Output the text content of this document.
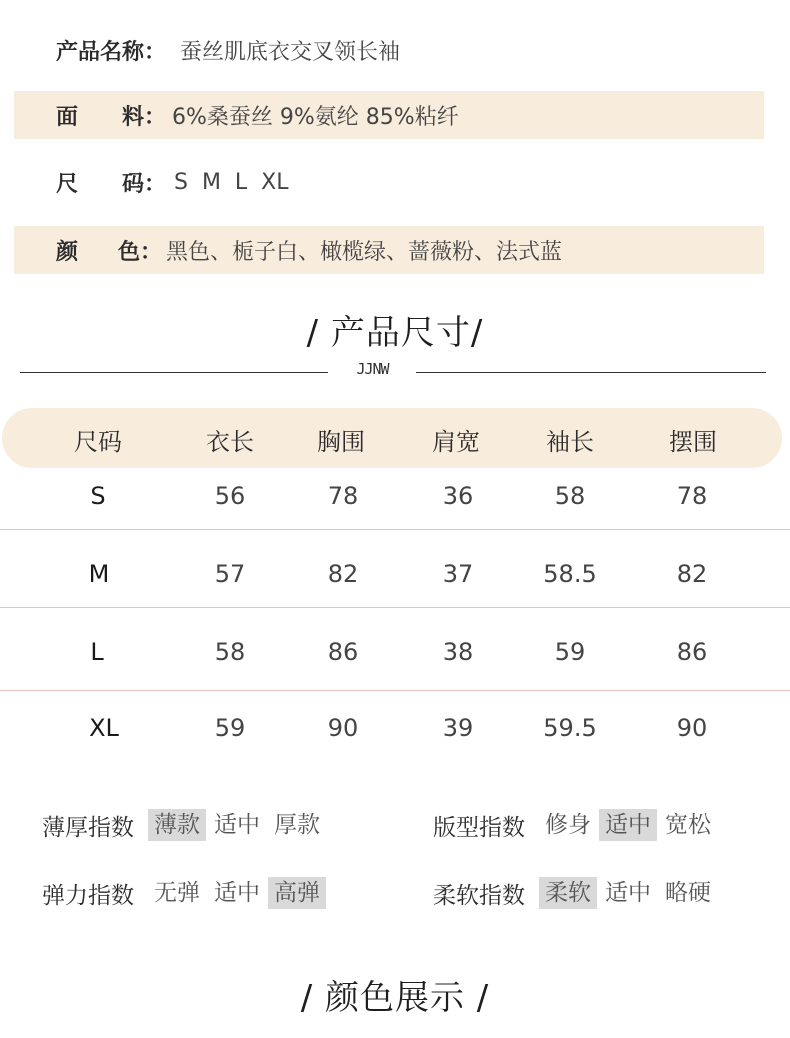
产品名称 ： 蚕丝肌底衣交叉领长袖
面	料 ： 6%桑蚕丝 9%氨纶 85%粘纤
尺	码 ： S  M  L  XL
颜	色 ： 黑色、栀子白、橄榄绿、蔷薇粉、法式蓝
/ 产品尺寸/
JJNW
尺码	衣长	胸围	肩宽	袖长	摆围
S	56	78	36	58	78
M	57	82	37	58.5	82
L	58	86	38	59	86
XL	59	90	39	59.5	90
薄厚指数 薄款 适中 厚款	版型指数 修身 适中 宽松
弹力指数 无弹 适中 高弹	柔软指数 柔软 适中 略硬
/ 颜色展示 /
